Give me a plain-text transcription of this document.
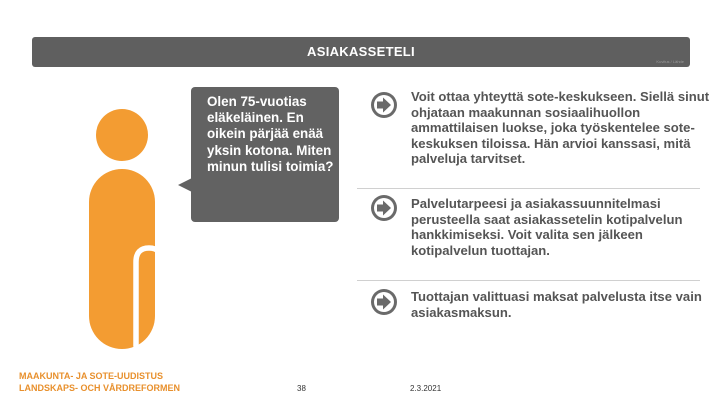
ASIAKASSETELI
Kuvitus / Lähde
Olen 75-vuotias eläkeläinen. En oikein pärjää enää yksin kotona. Miten minun tulisi toimia?
Voit ottaa yhteyttä sote-keskukseen. Siellä sinut ohjataan maakunnan sosiaalihuollon ammattilaisen luokse, joka työskentelee sote-keskuksen tiloissa. Hän arvioi kanssasi, mitä palveluja tarvitset.
Palvelutarpeesi ja asiakassuunnitelmasi perusteella saat asiakassetelin kotipalvelun hankkimiseksi. Voit valita sen jälkeen kotipalvelun tuottajan.
Tuottajan valittuasi maksat palvelusta itse vain asiakasmaksun.
MAAKUNTA- JA SOTE-UUDISTUS
LANDSKAPS- OCH VÅRDREFORMEN	38	2.3.2021
